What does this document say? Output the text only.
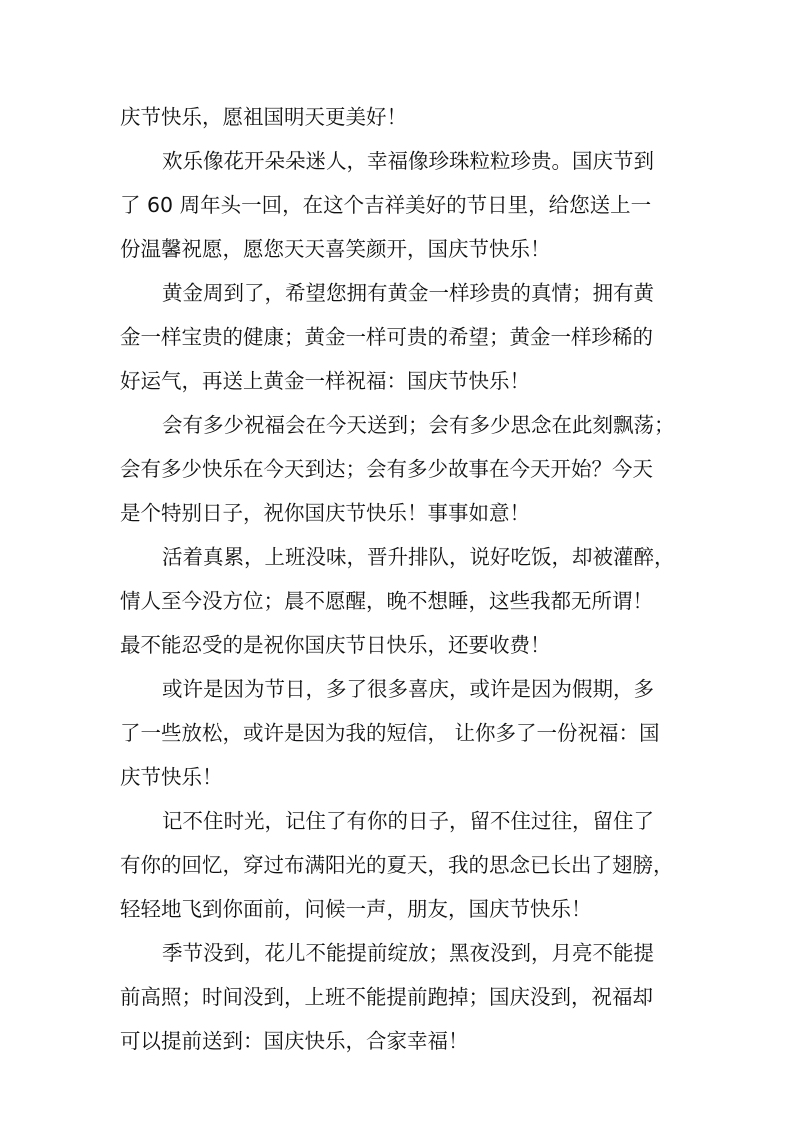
庆节快乐，愿祖国明天更美好！
欢乐像花开朵朵迷人，幸福像珍珠粒粒珍贵。国庆节到
了 60 周年头一回，在这个吉祥美好的节日里，给您送上一
份温馨祝愿，愿您天天喜笑颜开，国庆节快乐！
黄金周到了，希望您拥有黄金一样珍贵的真情；拥有黄
金一样宝贵的健康；黄金一样可贵的希望；黄金一样珍稀的
好运气，再送上黄金一样祝福：国庆节快乐！
会有多少祝福会在今天送到；会有多少思念在此刻飘荡；
会有多少快乐在今天到达；会有多少故事在今天开始？今天
是个特别日子，祝你国庆节快乐！事事如意！
活着真累，上班没味，晋升排队，说好吃饭，却被灌醉，
情人至今没方位；晨不愿醒，晚不想睡，这些我都无所谓！
最不能忍受的是祝你国庆节日快乐，还要收费！
或许是因为节日，多了很多喜庆，或许是因为假期，多
了一些放松，或许是因为我的短信， 让你多了一份祝福：国
庆节快乐！
记不住时光，记住了有你的日子，留不住过往，留住了
有你的回忆，穿过布满阳光的夏天，我的思念已长出了翅膀，
轻轻地飞到你面前，问候一声，朋友，国庆节快乐！
季节没到，花儿不能提前绽放；黑夜没到，月亮不能提
前高照；时间没到，上班不能提前跑掉；国庆没到，祝福却
可以提前送到：国庆快乐，合家幸福！
